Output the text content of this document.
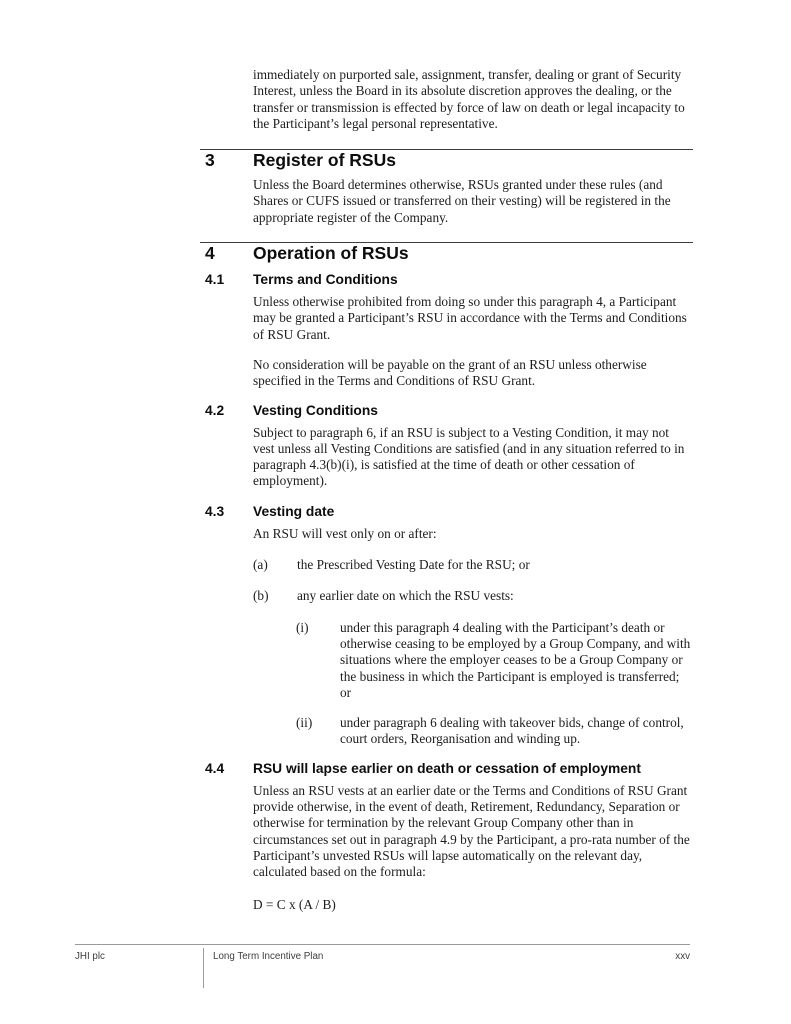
immediately on purported sale, assignment, transfer, dealing or grant of Security Interest, unless the Board in its absolute discretion approves the dealing, or the transfer or transmission is effected by force of law on death or legal incapacity to the Participant’s legal personal representative.

3	Register of RSUs

Unless the Board determines otherwise, RSUs granted under these rules (and Shares or CUFS issued or transferred on their vesting) will be registered in the appropriate register of the Company.

4	Operation of RSUs
4.1	Terms and Conditions

Unless otherwise prohibited from doing so under this paragraph 4, a Participant may be granted a Participant’s RSU in accordance with the Terms and Conditions of RSU Grant.

No consideration will be payable on the grant of an RSU unless otherwise specified in the Terms and Conditions of RSU Grant.

4.2	Vesting Conditions

Subject to paragraph 6, if an RSU is subject to a Vesting Condition, it may not vest unless all Vesting Conditions are satisfied (and in any situation referred to in paragraph 4.3(b)(i), is satisfied at the time of death or other cessation of employment).

4.3	Vesting date

An RSU will vest only on or after:

(a)	the Prescribed Vesting Date for the RSU; or
(b)	any earlier date on which the RSU vests:
(i)	under this paragraph 4 dealing with the Participant’s death or otherwise ceasing to be employed by a Group Company, and with situations where the employer ceases to be a Group Company or the business in which the Participant is employed is transferred; or
(ii)	under paragraph 6 dealing with takeover bids, change of control, court orders, Reorganisation and winding up.
4.4	RSU will lapse earlier on death or cessation of employment

Unless an RSU vests at an earlier date or the Terms and Conditions of RSU Grant provide otherwise, in the event of death, Retirement, Redundancy, Separation or otherwise for termination by the relevant Group Company other than in circumstances set out in paragraph 4.9 by the Participant, a pro-rata number of the Participant’s unvested RSUs will lapse automatically on the relevant day, calculated based on the formula:

D = C x (A / B)

JHI plc	Long Term Incentive Plan	xxv
